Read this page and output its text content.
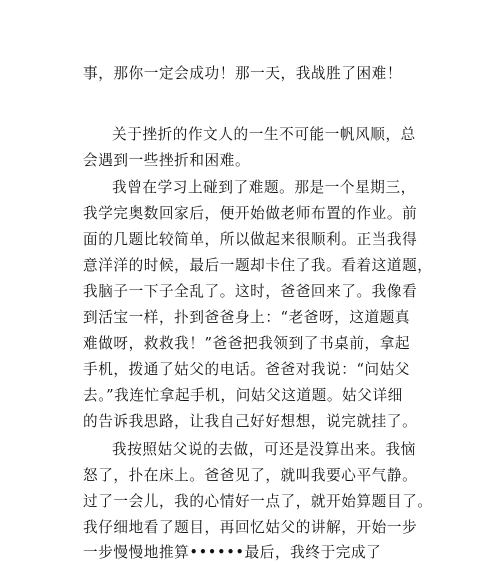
事，那你一定会成功！那一天，我战胜了困难！
关于挫折的作文人的一生不可能一帆风顺，总
会遇到一些挫折和困难。
我曾在学习上碰到了难题。那是一个星期三，
我学完奥数回家后，便开始做老师布置的作业。前
面的几题比较简单，所以做起来很顺利。正当我得
意洋洋的时候，最后一题却卡住了我。看着这道题，
我脑子一下子全乱了。这时，爸爸回来了。我像看
到活宝一样，扑到爸爸身上：“老爸呀，这道题真
难做呀，救救我！”爸爸把我领到了书桌前，拿起
手机，拨通了姑父的电话。爸爸对我说：“问姑父
去。”我连忙拿起手机，问姑父这道题。姑父详细
的告诉我思路，让我自己好好想想，说完就挂了。
我按照姑父说的去做，可还是没算出来。我恼
怒了，扑在床上。爸爸见了，就叫我要心平气静。
过了一会儿，我的心情好一点了，就开始算题目了。
我仔细地看了题目，再回忆姑父的讲解，开始一步
一步慢慢地推算••••••最后，我终于完成了
